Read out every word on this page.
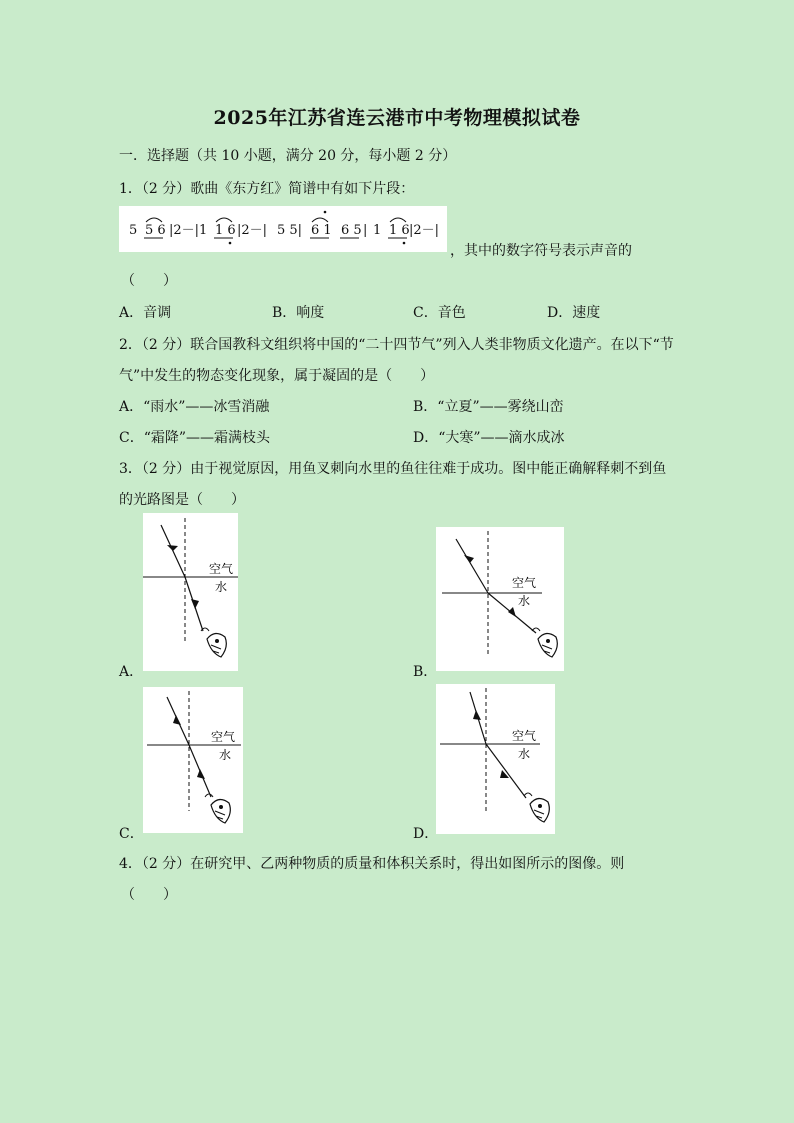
2025年江苏省连云港市中考物理模拟试卷
一．选择题（共 10 小题，满分 20 分，每小题 2 分）
1．（2 分）歌曲《东方红》简谱中有如下片段：
5 5 6 |2－| 1 1 6 |2－| 5 5| 6 1 6 5 | 1 1 6 |2－|
，其中的数字符号表示声音的
（　　）
A．音调	B．响度	C．音色	D．速度
2．（2 分）联合国教科文组织将中国的“二十四节气”列入人类非物质文化遗产。在以下“节
气”中发生的物态变化现象，属于凝固的是（　　）
A．“雨水”——冰雪消融	B．“立夏”——雾绕山峦
C．“霜降”——霜满枝头	D．“大寒”——滴水成冰
3．（2 分）由于视觉原因，用鱼叉刺向水里的鱼往往难于成功。图中能正确解释刺不到鱼
的光路图是（　　）
空气
水
A．
空气
水
B．
空气
水
C．
空气
水
D．
4．（2 分）在研究甲、乙两种物质的质量和体积关系时，得出如图所示的图像。则
（　　）
